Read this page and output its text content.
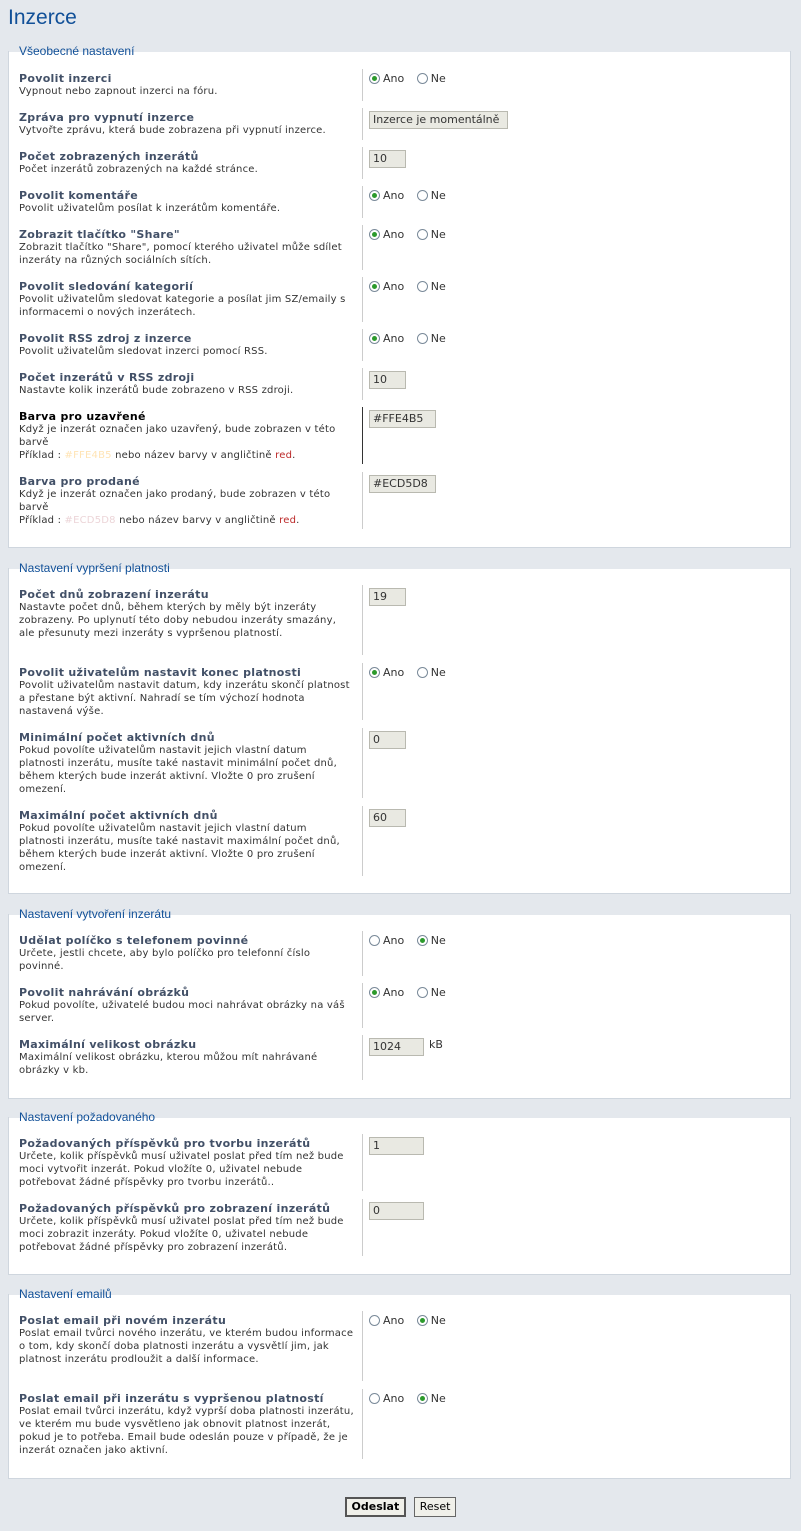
Inzerce
Všeobecné nastavení
Povolit inzerci
Vypnout nebo zapnout inzerci na fóru.
Ano Ne
Zpráva pro vypnutí inzerce
Vytvořte zprávu, která bude zobrazena při vypnutí inzerce.
Inzerce je momentálně
Počet zobrazených inzerátů
Počet inzerátů zobrazených na každé stránce.
10
Povolit komentáře
Povolit uživatelům posílat k inzerátům komentáře.
Ano Ne
Zobrazit tlačítko "Share"
Zobrazit tlačítko "Share", pomocí kterého uživatel může sdílet inzeráty na různých sociálních sítích.
Ano Ne
Povolit sledování kategorií
Povolit uživatelům sledovat kategorie a posílat jim SZ/emaily s informacemi o nových inzerátech.
Ano Ne
Povolit RSS zdroj z inzerce
Povolit uživatelům sledovat inzerci pomocí RSS.
Ano Ne
Počet inzerátů v RSS zdroji
Nastavte kolik inzerátů bude zobrazeno v RSS zdroji.
10
Barva pro uzavřené
Když je inzerát označen jako uzavřený, bude zobrazen v této barvě
Příklad : #FFE4B5 nebo název barvy v angličtině red.
#FFE4B5
Barva pro prodané
Když je inzerát označen jako prodaný, bude zobrazen v této barvě
Příklad : #ECD5D8 nebo název barvy v angličtině red.
#ECD5D8
Nastavení vypršení platnosti
Počet dnů zobrazení inzerátu
Nastavte počet dnů, během kterých by měly být inzeráty zobrazeny. Po uplynutí této doby nebudou inzeráty smazány, ale přesunuty mezi inzeráty s vypršenou platností.
19
Povolit uživatelům nastavit konec platnosti
Povolit uživatelům nastavit datum, kdy inzerátu skončí platnost a přestane být aktivní. Nahradí se tím výchozí hodnota nastavená výše.
Ano Ne
Minimální počet aktivních dnů
Pokud povolíte uživatelům nastavit jejich vlastní datum platnosti inzerátu, musíte také nastavit minimální počet dnů, během kterých bude inzerát aktivní. Vložte 0 pro zrušení omezení.
0
Maximální počet aktivních dnů
Pokud povolíte uživatelům nastavit jejich vlastní datum platnosti inzerátu, musíte také nastavit maximální počet dnů, během kterých bude inzerát aktivní. Vložte 0 pro zrušení omezení.
60
Nastavení vytvoření inzerátu
Udělat políčko s telefonem povinné
Určete, jestli chcete, aby bylo políčko pro telefonní číslo povinné.
Ano Ne
Povolit nahrávání obrázků
Pokud povolíte, uživatelé budou moci nahrávat obrázky na váš server.
Ano Ne
Maximální velikost obrázku
Maximální velikost obrázku, kterou můžou mít nahrávané obrázky v kb.
1024	kB
Nastavení požadovaného
Požadovaných příspěvků pro tvorbu inzerátů
Určete, kolik příspěvků musí uživatel poslat před tím než bude moci vytvořit inzerát. Pokud vložíte 0, uživatel nebude potřebovat žádné příspěvky pro tvorbu inzerátů..
1
Požadovaných příspěvků pro zobrazení inzerátů
Určete, kolik příspěvků musí uživatel poslat před tím než bude moci zobrazit inzeráty. Pokud vložíte 0, uživatel nebude potřebovat žádné příspěvky pro zobrazení inzerátů.
0
Nastavení emailů
Poslat email při novém inzerátu
Poslat email tvůrci nového inzerátu, ve kterém budou informace o tom, kdy skončí doba platnosti inzerátu a vysvětlí jim, jak platnost inzerátu prodloužit a další informace.
Ano Ne
Poslat email při inzerátu s vypršenou platností
Poslat email tvůrci inzerátu, když vyprší doba platnosti inzerátu, ve kterém mu bude vysvětleno jak obnovit platnost inzerát, pokud je to potřeba. Email bude odeslán pouze v případě, že je inzerát označen jako aktivní.
Ano Ne
Odeslat Reset
